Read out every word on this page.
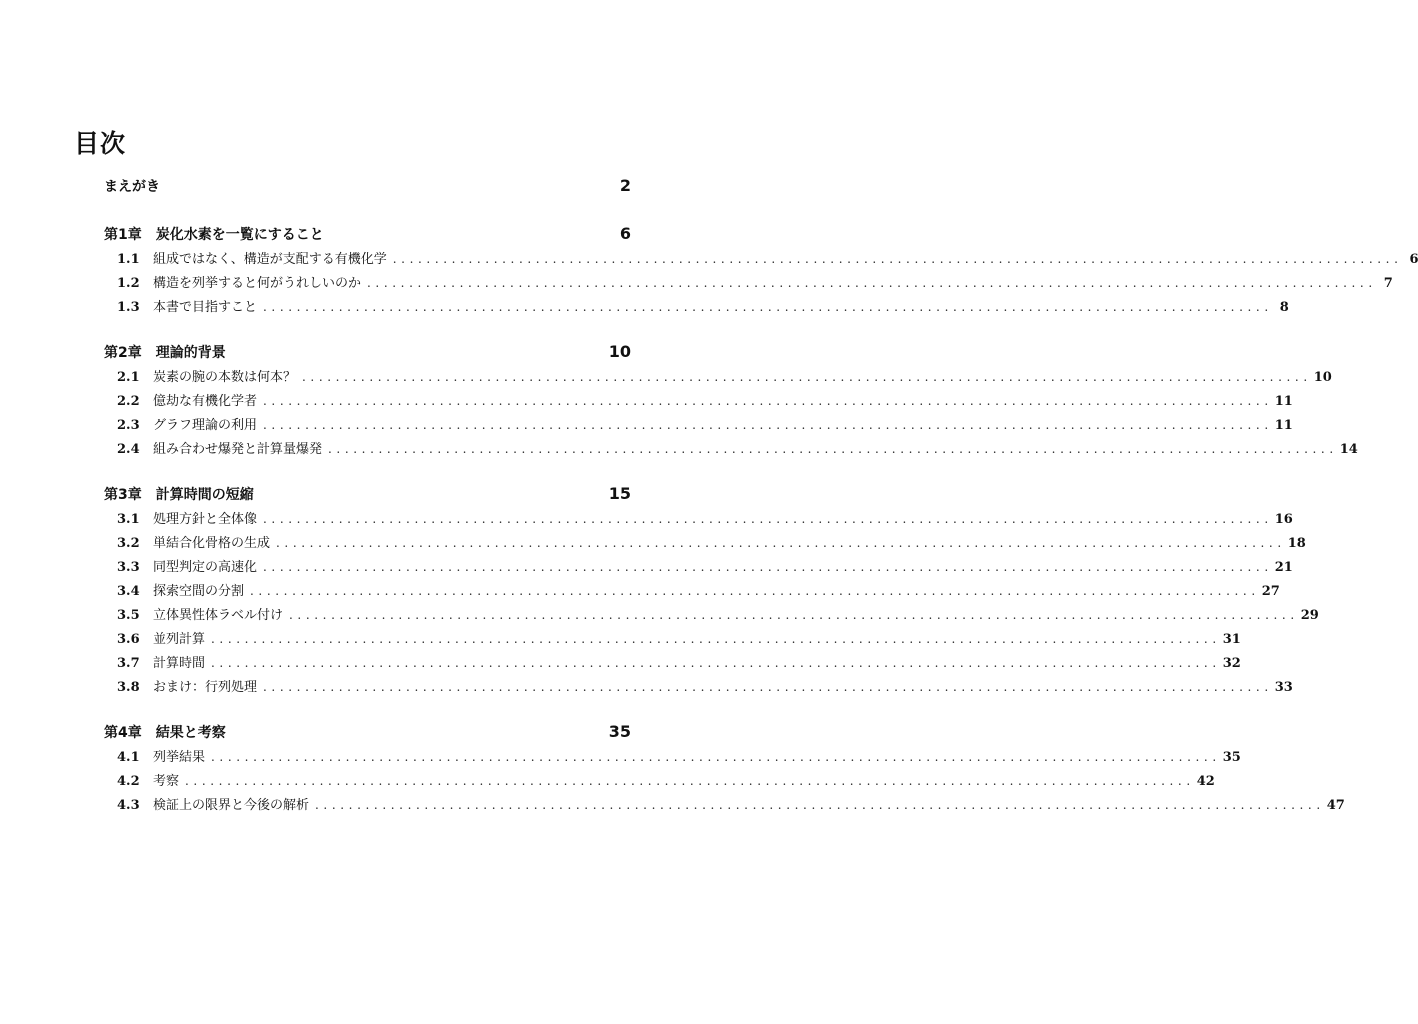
目次
まえがき	2
第1章 炭化水素を一覧にすること	6
1.1	組成ではなく、構造が支配する有機化学 ........................................................................................................................ 6
1.2	構造を列挙すると何がうれしいのか ........................................................................................................................ 7
1.3	本書で目指すこと ........................................................................................................................ 8
第2章 理論的背景	10
2.1	炭素の腕の本数は何本？ ........................................................................................................................ 10
2.2	億劫な有機化学者 ........................................................................................................................ 11
2.3	グラフ理論の利用 ........................................................................................................................ 11
2.4	組み合わせ爆発と計算量爆発 ........................................................................................................................ 14
第3章 計算時間の短縮	15
3.1	処理方針と全体像 ........................................................................................................................ 16
3.2	単結合化骨格の生成 ........................................................................................................................ 18
3.3	同型判定の高速化 ........................................................................................................................ 21
3.4	探索空間の分割 ........................................................................................................................ 27
3.5	立体異性体ラベル付け ........................................................................................................................ 29
3.6	並列計算 ........................................................................................................................ 31
3.7	計算時間 ........................................................................................................................ 32
3.8	おまけ：行列処理 ........................................................................................................................ 33
第4章 結果と考察	35
4.1	列挙結果 ........................................................................................................................ 35
4.2	考察 ........................................................................................................................ 42
4.3	検証上の限界と今後の解析 ........................................................................................................................ 47
